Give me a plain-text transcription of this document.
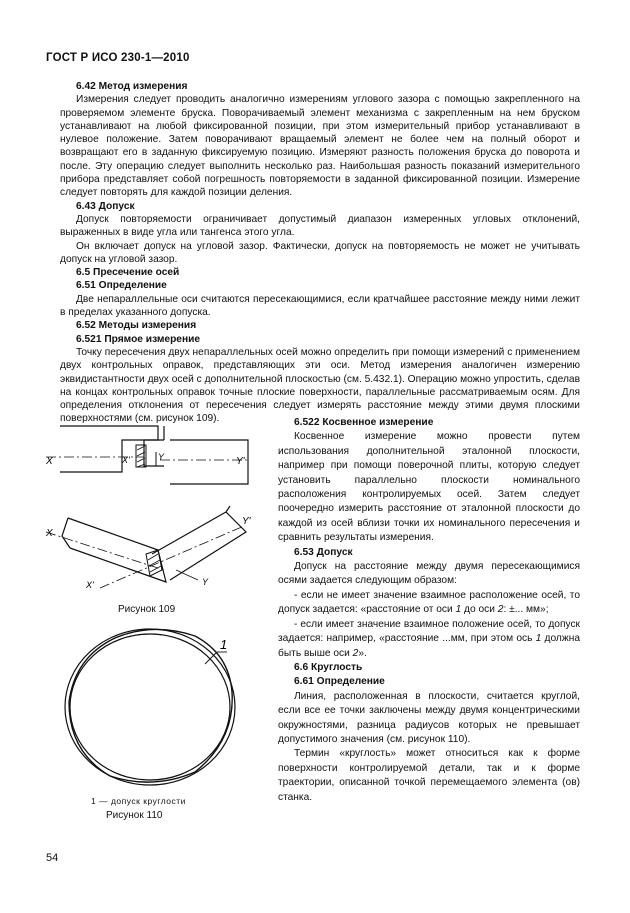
ГОСТ Р ИСО 230-1—2010
6.42 Метод измерения
Измерения следует проводить аналогично измерениям углового зазора с помощью закрепленного на проверяемом элементе бруска. Поворачиваемый элемент механизма с закрепленным на нем бруском устанавливают на любой фиксированной позиции, при этом измерительный прибор устанавливают в нулевое положение. Затем поворачивают вращаемый элемент не более чем на полный оборот и возвращают его в заданную фиксируемую позицию. Измеряют разность положения бруска до поворота и после. Эту операцию следует выполнить несколько раз. Наибольшая разность показаний измерительного прибора представляет собой погрешность повторяемости в заданной фиксированной позиции. Измерение следует повторять для каждой позиции деления.
6.43 Допуск
Допуск повторяемости ограничивает допустимый диапазон измеренных угловых отклонений, выраженных в виде угла или тангенса этого угла.
Он включает допуск на угловой зазор. Фактически, допуск на повторяемость не может не учитывать допуск на угловой зазор.
6.5 Пресечение осей
6.51 Определение
Две непараллельные оси считаются пересекающимися, если кратчайшее расстояние между ними лежит в пределах указанного допуска.
6.52 Методы измерения
6.521 Прямое измерение
Точку пересечения двух непараллельных осей можно определить при помощи измерений с применением двух контрольных оправок, представляющих эти оси. Метод измерения аналогичен измерению эквидистантности двух осей с дополнительной плоскостью (см. 5.432.1). Операцию можно упростить, сделав на концах контрольных оправок точные плоские поверхности, параллельные рассматриваемым осям. Для определения отклонения от пересечения следует измерять расстояние между этими двумя плоскими поверхностями (см. рисунок 109).
X	X'	Y	Y'
X
X'	Y
Y'
Рисунок 109
1
1 — допуск круглости
Рисунок 110
6.522 Косвенное измерение
Косвенное измерение можно провести путем использования дополнительной эталонной плоскости, например при помощи поверочной плиты, которую следует установить параллельно плоскости номинального расположения контролируемых осей. Затем следует поочередно измерить расстояние от эталонной плоскости до каждой из осей вблизи точки их номинального пересечения и сравнить результаты измерения.
6.53 Допуск
Допуск на расстояние между двумя пересекающимися осями задается следующим образом:
- если не имеет значение взаимное расположение осей, то допуск задается: «расстояние от оси 1 до оси 2: ±... мм»;
- если имеет значение взаимное положение осей, то допуск задается: например, «расстояние ...мм, при этом ось 1 должна быть выше оси 2».
6.6 Круглость
6.61 Определение
Линия, расположенная в плоскости, считается круглой, если все ее точки заключены между двумя концентрическими окружностями, разница радиусов которых не превышает допустимого значения (см. рисунок 110).
Термин «круглость» может относиться как к форме поверхности контролируемой детали, так и к форме траектории, описанной точкой перемещаемого элемента (ов) станка.
54
